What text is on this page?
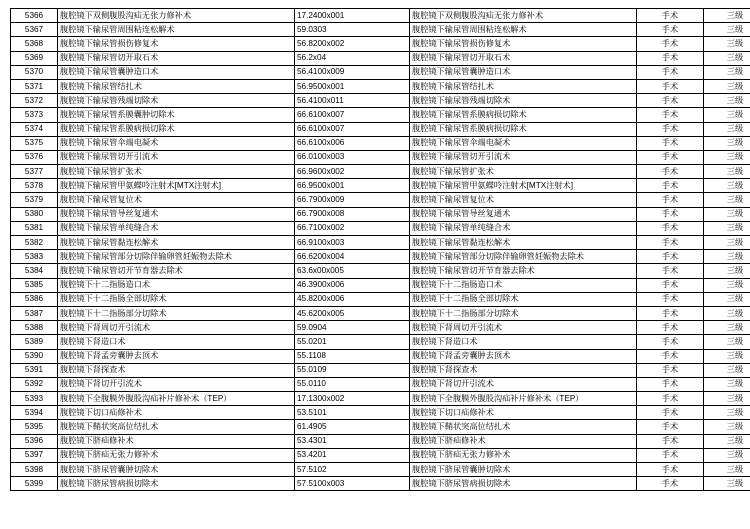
5366	腹腔镜下双侧腹股沟疝无张力修补术	17.2400x001	腹腔镜下双侧腹股沟疝无张力修补术	手术	三级
5367	腹腔镜下输尿管周围粘连松解术	59.0303	腹腔镜下输尿管周围粘连松解术	手术	三级
5368	腹腔镜下输尿管损伤修复术	56.8200x002	腹腔镜下输尿管损伤修复术	手术	三级
5369	腹腔镜下输尿管切开取石术	56.2x04	腹腔镜下输尿管切开取石术	手术	三级
5370	腹腔镜下输尿管囊肿造口术	56.4100x009	腹腔镜下输尿管囊肿造口术	手术	三级
5371	腹腔镜下输尿管结扎术	56.9500x001	腹腔镜下输尿管结扎术	手术	三级
5372	腹腔镜下输尿管残端切除术	56.4100x011	腹腔镜下输尿管残端切除术	手术	三级
5373	腹腔镜下输尿管系膜囊肿切除术	66.6100x007	腹腔镜下输尿管系膜病损切除术	手术	三级
5374	腹腔镜下输尿管系膜病损切除术	66.6100x007	腹腔镜下输尿管系膜病损切除术	手术	三级
5375	腹腔镜下输尿管伞端电凝术	66.6100x006	腹腔镜下输尿管伞端电凝术	手术	三级
5376	腹腔镜下输尿管切开引流术	66.0100x003	腹腔镜下输尿管切开引流术	手术	三级
5377	腹腔镜下输尿管扩张术	66.9600x002	腹腔镜下输尿管扩张术	手术	三级
5378	腹腔镜下输尿管甲氨蝶呤注射术[MTX注射术]	66.9500x001	腹腔镜下输尿管甲氨蝶呤注射术[MTX注射术]	手术	三级
5379	腹腔镜下输尿管复位术	66.7900x009	腹腔镜下输尿管复位术	手术	三级
5380	腹腔镜下输尿管导丝复通术	66.7900x008	腹腔镜下输尿管导丝复通术	手术	三级
5381	腹腔镜下输尿管单纯缝合术	66.7100x002	腹腔镜下输尿管单纯缝合术	手术	三级
5382	腹腔镜下输尿管黏连松解术	66.9100x003	腹腔镜下输尿管黏连松解术	手术	三级
5383	腹腔镜下输尿管部分切除伴输卵管妊娠物去除术	66.6200x004	腹腔镜下输尿管部分切除伴输卵管妊娠物去除术	手术	三级
5384	腹腔镜下输尿管切开节育器去除术	63.6x00x005	腹腔镜下输尿管切开节育器去除术	手术	三级
5385	腹腔镜下十二指肠造口术	46.3900x006	腹腔镜下十二指肠造口术	手术	三级
5386	腹腔镜下十二指肠全部切除术	45.8200x006	腹腔镜下十二指肠全部切除术	手术	三级
5387	腹腔镜下十二指肠部分切除术	45.6200x005	腹腔镜下十二指肠部分切除术	手术	三级
5388	腹腔镜下肾周切开引流术	59.0904	腹腔镜下肾周切开引流术	手术	三级
5389	腹腔镜下肾造口术	55.0201	腹腔镜下肾造口术	手术	三级
5390	腹腔镜下肾孟旁囊肿去顶术	55.1108	腹腔镜下肾孟旁囊肿去顶术	手术	三级
5391	腹腔镜下肾探查术	55.0109	腹腔镜下肾探查术	手术	三级
5392	腹腔镜下肾切开引流术	55.0110	腹腔镜下肾切开引流术	手术	三级
5393	腹腔镜下全腹膜外腹股沟疝补片修补术（TEP）	17.1300x002	腹腔镜下全腹膜外腹股沟疝补片修补术（TEP）	手术	三级
5394	腹腔镜下切口疝修补术	53.5101	腹腔镜下切口疝修补术	手术	三级
5395	腹腔镜下鞘状突高位结扎术	61.4905	腹腔镜下鞘状突高位结扎术	手术	三级
5396	腹腔镜下脐疝修补术	53.4301	腹腔镜下脐疝修补术	手术	三级
5397	腹腔镜下脐疝无张力修补术	53.4201	腹腔镜下脐疝无张力修补术	手术	三级
5398	腹腔镜下脐尿管囊肿切除术	57.5102	腹腔镜下脐尿管囊肿切除术	手术	三级
5399	腹腔镜下脐尿管病损切除术	57.5100x003	腹腔镜下脐尿管病损切除术	手术	三级
